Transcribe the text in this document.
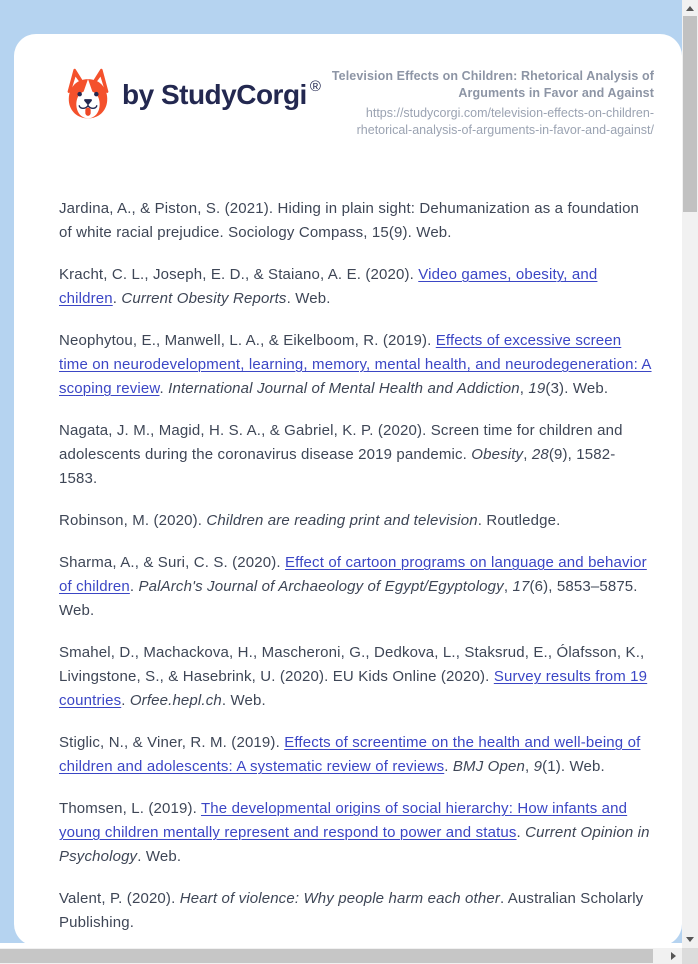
by StudyCorgi ®
Television Effects on Children: Rhetorical Analysis of Arguments in Favor and Against
https://studycorgi.com/television-effects-on-children-rhetorical-analysis-of-arguments-in-favor-and-against/

Jardina, A., & Piston, S. (2021). Hiding in plain sight: Dehumanization as a foundation of white racial prejudice. Sociology Compass, 15(9). Web.

Kracht, C. L., Joseph, E. D., & Staiano, A. E. (2020). Video games, obesity, and children. Current Obesity Reports. Web.

Neophytou, E., Manwell, L. A., & Eikelboom, R. (2019). Effects of excessive screen time on neurodevelopment, learning, memory, mental health, and neurodegeneration: A scoping review. International Journal of Mental Health and Addiction, 19(3). Web.

Nagata, J. M., Magid, H. S. A., & Gabriel, K. P. (2020). Screen time for children and adolescents during the coronavirus disease 2019 pandemic. Obesity, 28(9), 1582-1583.

Robinson, M. (2020). Children are reading print and television. Routledge.

Sharma, A., & Suri, C. S. (2020). Effect of cartoon programs on language and behavior of children. PalArch's Journal of Archaeology of Egypt/Egyptology, 17(6), 5853–5875. Web.

Smahel, D., Machackova, H., Mascheroni, G., Dedkova, L., Staksrud, E., Ólafsson, K., Livingstone, S., & Hasebrink, U. (2020). EU Kids Online (2020). Survey results from 19 countries. Orfee.hepl.ch. Web.

Stiglic, N., & Viner, R. M. (2019). Effects of screentime on the health and well-being of children and adolescents: A systematic review of reviews. BMJ Open, 9(1). Web.

Thomsen, L. (2019). The developmental origins of social hierarchy: How infants and young children mentally represent and respond to power and status. Current Opinion in Psychology. Web.

Valent, P. (2020). Heart of violence: Why people harm each other. Australian Scholarly Publishing.
